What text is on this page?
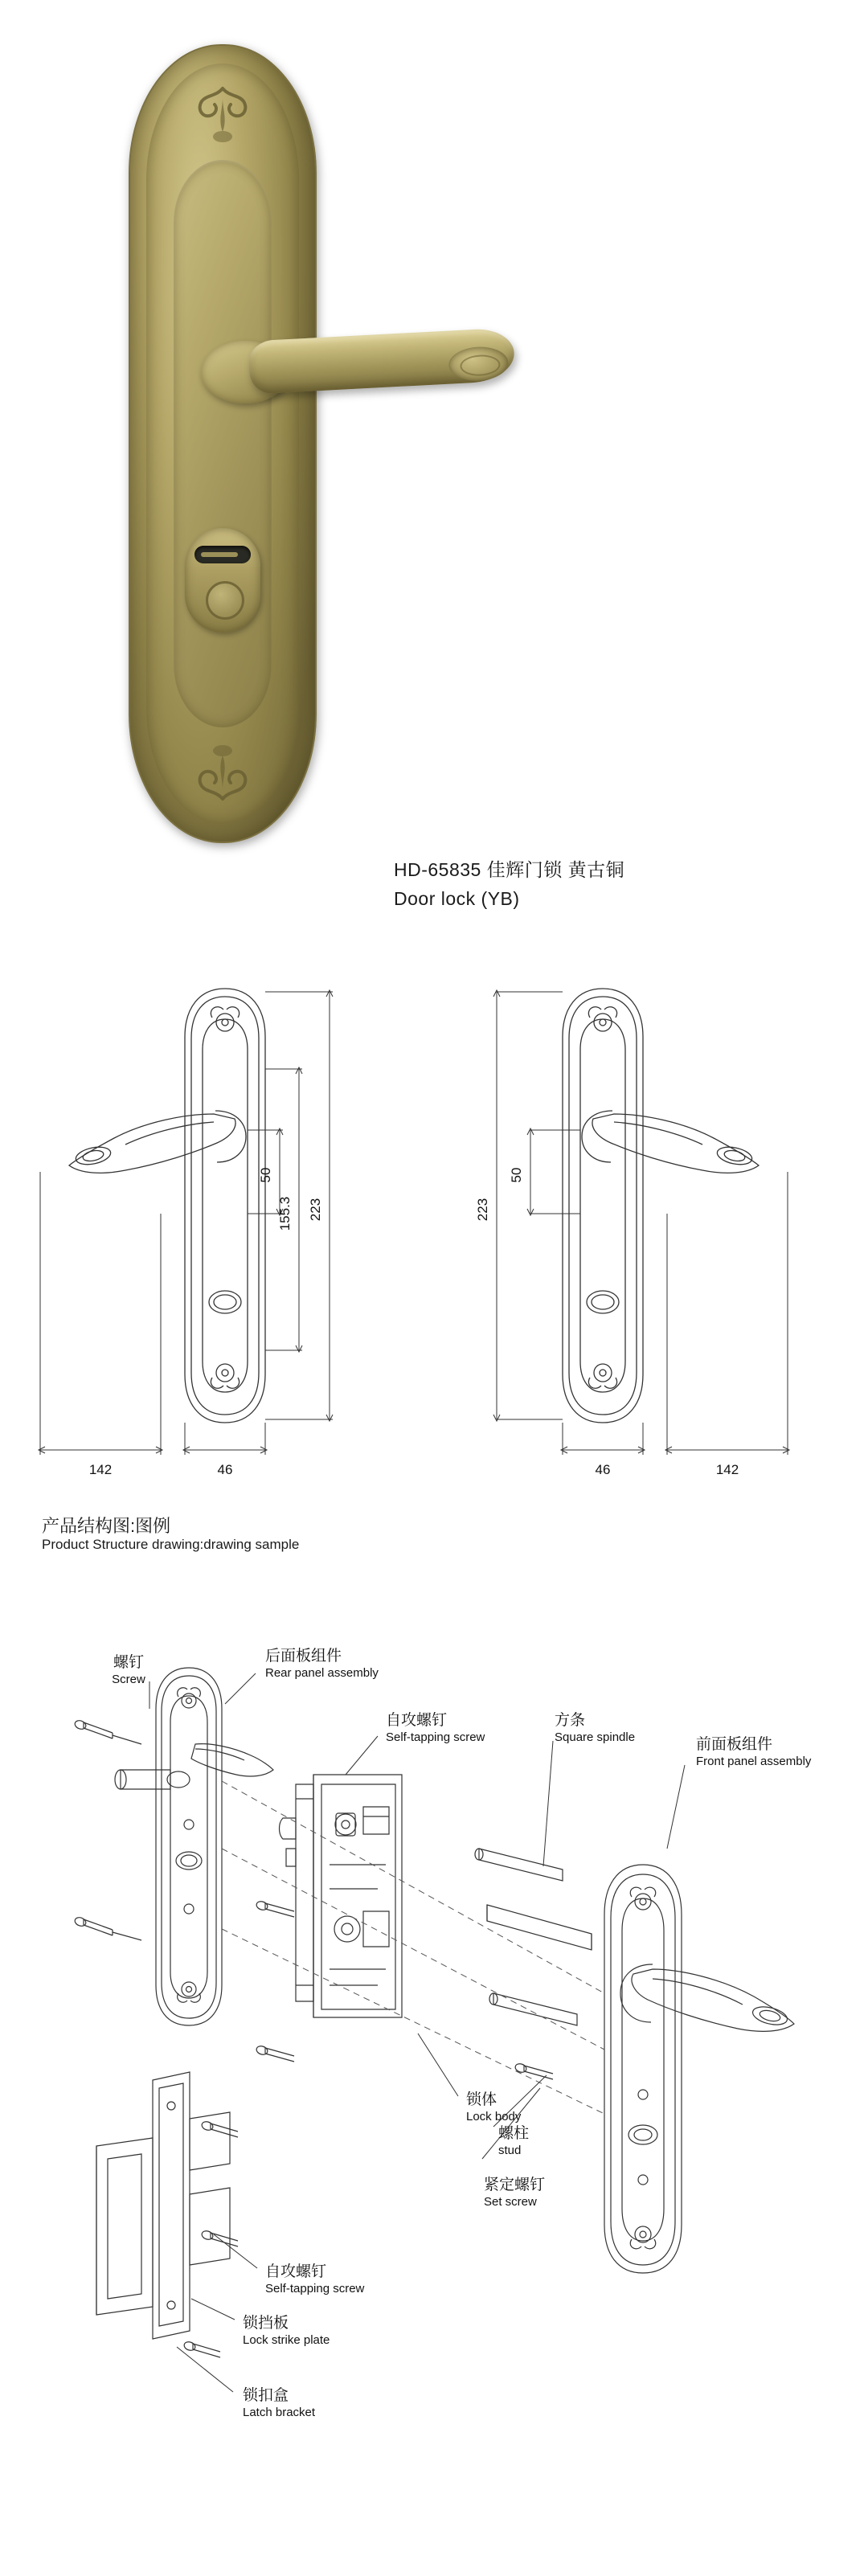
HD-65835 佳辉门锁 黄古铜
Door lock (YB)
155.3
50
223
46
142
50
223
46	142
产品结构图:图例
Product Structure drawing:drawing sample
螺钉
Screw
后面板组件
Rear panel assembly
自攻螺钉
Self-tapping screw
方条
Square spindle	前面板组件
Front panel assembly
锁体
Lock body
螺柱
stud
紧定螺钉
Set screw
自攻螺钉
Self-tapping screw
锁挡板
Lock strike plate
锁扣盒
Latch bracket
